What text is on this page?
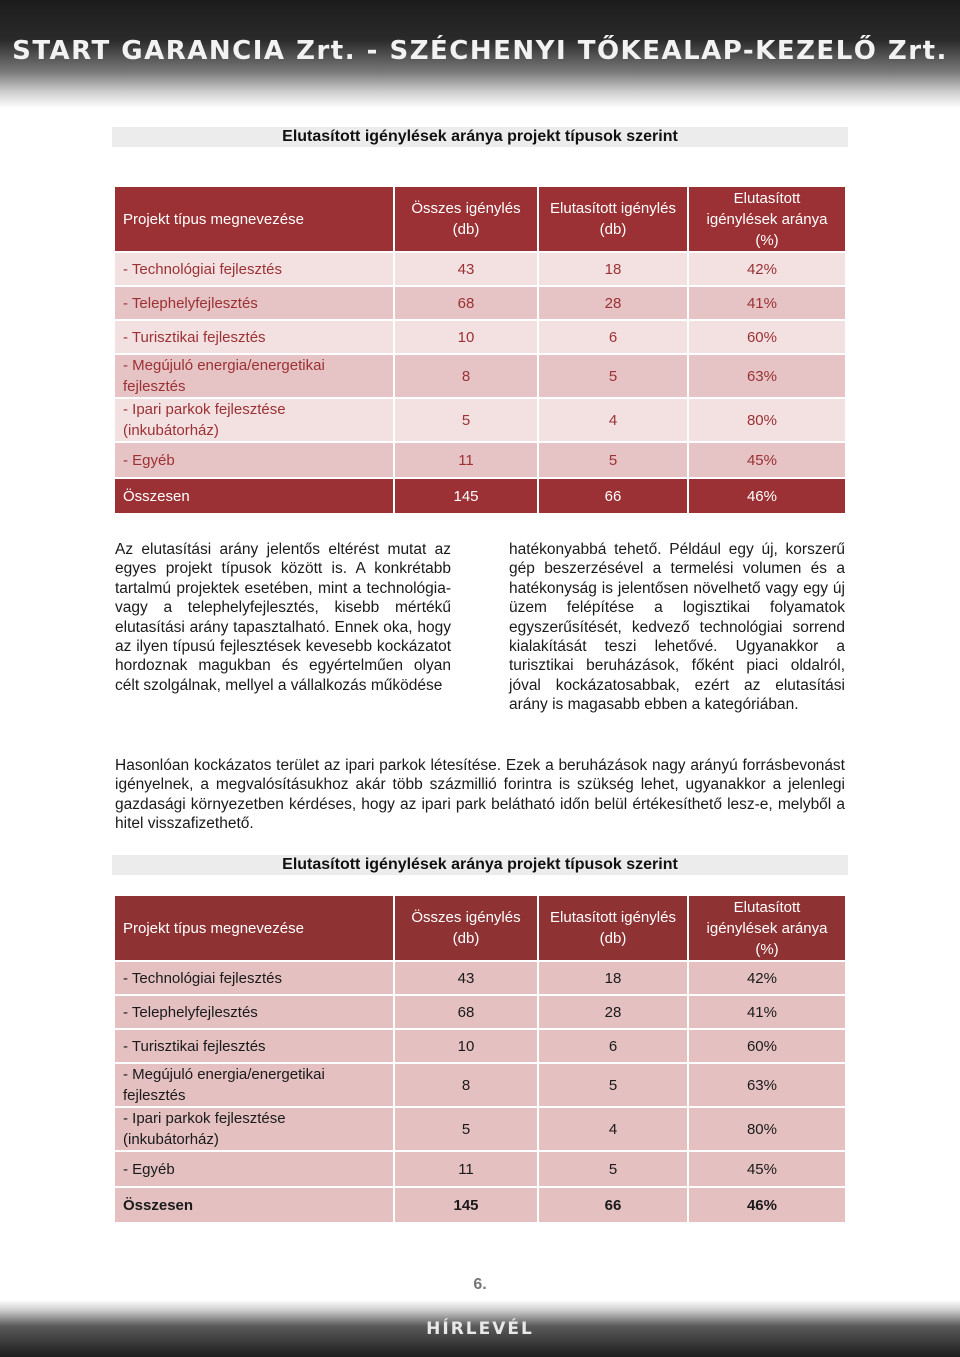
START GARANCIA Zrt. - SZÉCHENYI TŐKEALAP-KEZELŐ Zrt.
Elutasított igénylések aránya projekt típusok szerint
Projekt típus megnevezése	Összes igénylés (db)	Elutasított igénylés (db)	Elutasított igénylések aránya (%)
- Technológiai fejlesztés	43	18	42%
- Telephelyfejlesztés	68	28	41%
- Turisztikai fejlesztés	10	6	60%
- Megújuló energia/energetikai fejlesztés	8	5	63%
- Ipari parkok fejlesztése (inkubátorház)	5	4	80%
- Egyéb	11	5	45%
Összesen	145	66	46%
Az elutasítási arány jelentős eltérést mutat az egyes projekt típusok között is. A konkrétabb tartalmú projektek esetében, mint a technológia- vagy a telephelyfejlesztés, kisebb mértékű elutasítási arány tapasztalható. Ennek oka, hogy az ilyen típusú fejlesztések kevesebb kockázatot hordoznak magukban és egyértelműen olyan célt szolgálnak, mellyel a vállalkozás működése
hatékonyabbá tehető. Például egy új, korszerű gép beszerzésével a termelési volumen és a hatékonyság is jelentősen növelhető vagy egy új üzem felépítése a logisztikai folyamatok egyszerűsítését, kedvező technológiai sorrend kialakítását teszi lehetővé. Ugyanakkor a turisztikai beruházások, főként piaci oldalról, jóval kockázatosabbak, ezért az elutasítási arány is magasabb ebben a kategóriában.
Hasonlóan kockázatos terület az ipari parkok létesítése. Ezek a beruházások nagy arányú forrásbevonást igényelnek, a megvalósításukhoz akár több százmillió forintra is szükség lehet, ugyanakkor a jelenlegi gazdasági környezetben kérdéses, hogy az ipari park belátható időn belül értékesíthető lesz-e, melyből a hitel visszafizethető.
Elutasított igénylések aránya projekt típusok szerint
Projekt típus megnevezése	Összes igénylés (db)	Elutasított igénylés (db)	Elutasított igénylések aránya (%)
- Technológiai fejlesztés	43	18	42%
- Telephelyfejlesztés	68	28	41%
- Turisztikai fejlesztés	10	6	60%
- Megújuló energia/energetikai fejlesztés	8	5	63%
- Ipari parkok fejlesztése (inkubátorház)	5	4	80%
- Egyéb	11	5	45%
Összesen	145	66	46%
6.
HÍRLEVÉL
